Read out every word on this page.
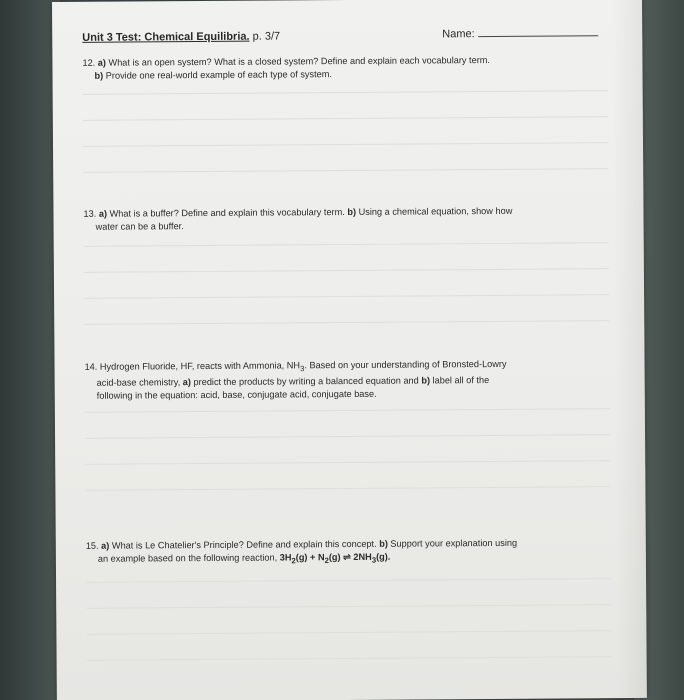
Unit 3 Test: Chemical Equilibria. p. 3/7	Name:
12. a) What is an open system? What is a closed system? Define and explain each vocabulary term.
b) Provide one real-world example of each type of system.
13. a) What is a buffer? Define and explain this vocabulary term. b) Using a chemical equation, show how
water can be a buffer.
14. Hydrogen Fluoride, HF, reacts with Ammonia, $NH_3$. Based on your understanding of Bronsted-Lowry
acid-base chemistry, a) predict the products by writing a balanced equation and b) label all of the
following in the equation: acid, base, conjugate acid, conjugate base.
15. a) What is Le Chatelier's Principle? Define and explain this concept. b) Support your explanation using
an example based on the following reaction, $3H_2(g) + N_2(g)$ ⇌ $2NH_3(g)$.
